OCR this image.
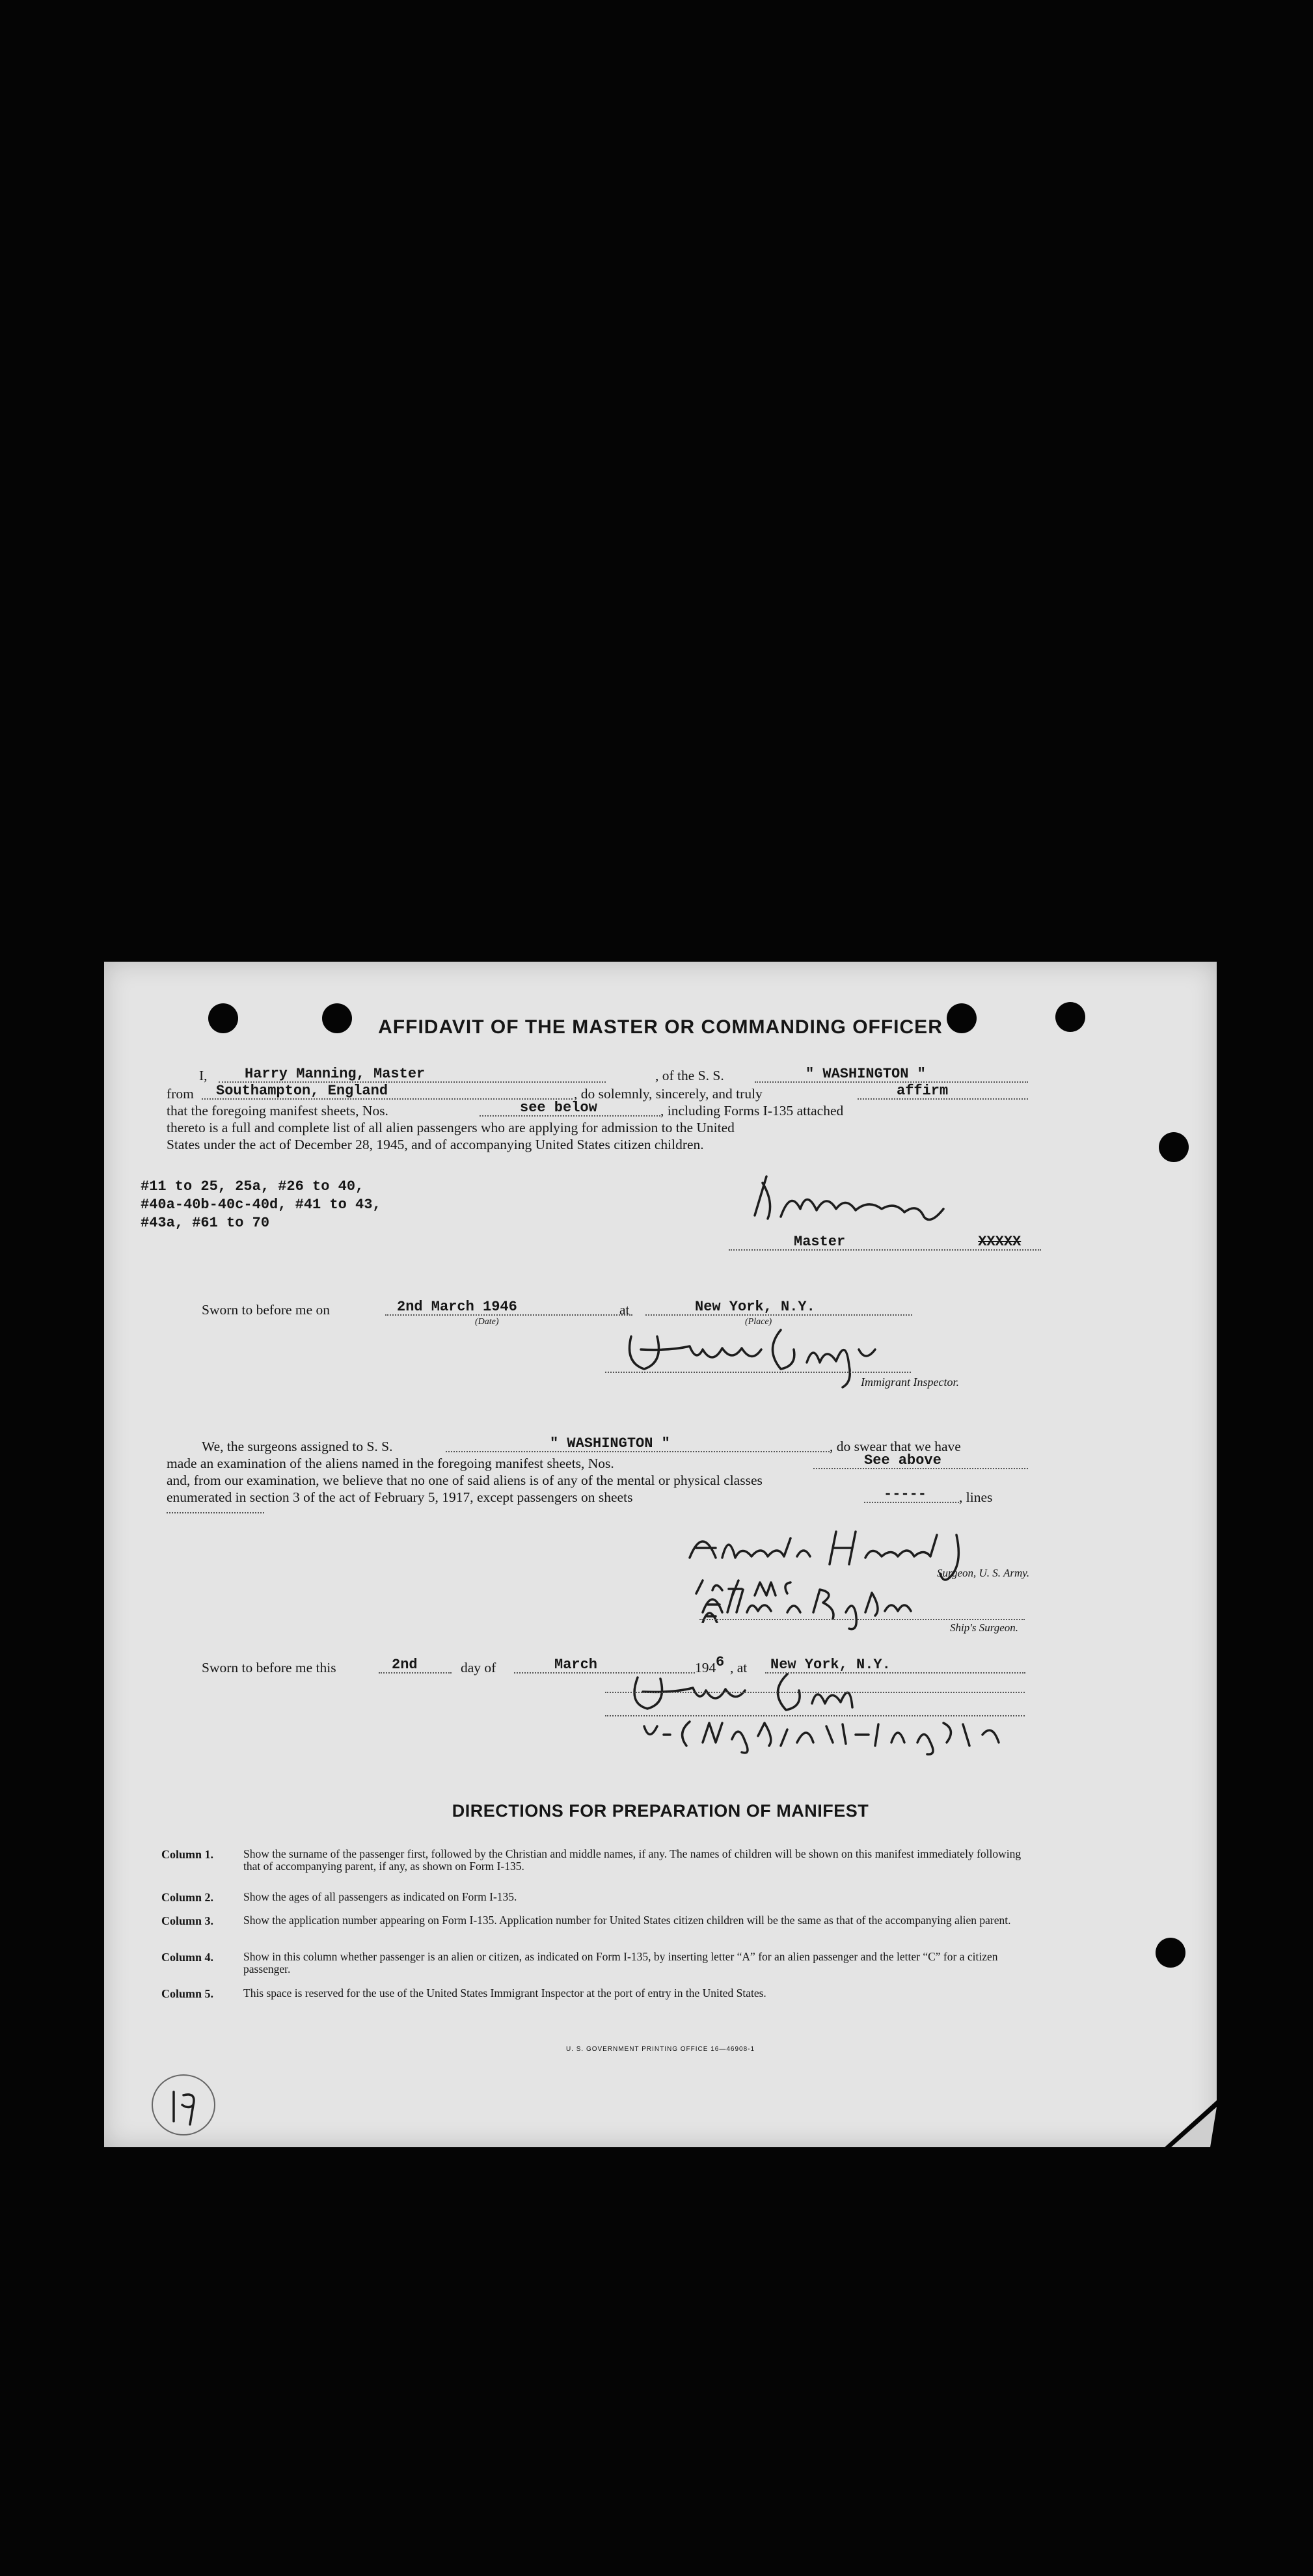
AFFIDAVIT OF THE MASTER OR COMMANDING OFFICER
I,	Harry Manning, Master	, of the S. S.	" WASHINGTON "
from	Southampton, England	, do solemnly, sincerely, and truly	affirm
that the foregoing manifest sheets, Nos.	see below	, including Forms I-135 attached
thereto is a full and complete list of all alien passengers who are applying for admission to the United
States under the act of December 28, 1945, and of accompanying United States citizen children.
#11 to 25, 25a, #26 to 40,
#40a-40b-40c-40d, #41 to 43,
#43a, #61 to 70
Master	XXXXX
Sworn to before me on	2nd March 1946
(Date)
at	New York, N.Y.
(Place)
Immigrant Inspector.
We, the surgeons assigned to S. S.	" WASHINGTON "	, do swear that we have
made an examination of the aliens named in the foregoing manifest sheets, Nos.	See above
and, from our examination, we believe that no one of said aliens is of any of the mental or physical classes
enumerated in section 3 of the act of February 5, 1917, except passengers on sheets	-----	, lines
Surgeon, U. S. Army.
Ship's Surgeon.
Sworn to before me this	2nd	day of	March	194 6 , at	New York, N.Y.
DIRECTIONS FOR PREPARATION OF MANIFEST
Column 1.	Show the surname of the passenger first, followed by the Christian and middle names, if any. The names of children will be shown on this manifest immediately following that of accompanying parent, if any, as shown on Form I-135.
Column 2.	Show the ages of all passengers as indicated on Form I-135.
Column 3.	Show the application number appearing on Form I-135. Application number for United States citizen children will be the same as that of the accompanying alien parent.
Column 4.	Show in this column whether passenger is an alien or citizen, as indicated on Form I-135, by inserting letter “A” for an alien passenger and the letter “C” for a citizen passenger.
Column 5.	This space is reserved for the use of the United States Immigrant Inspector at the port of entry in the United States.
U. S. GOVERNMENT PRINTING OFFICE 16—46908-1
